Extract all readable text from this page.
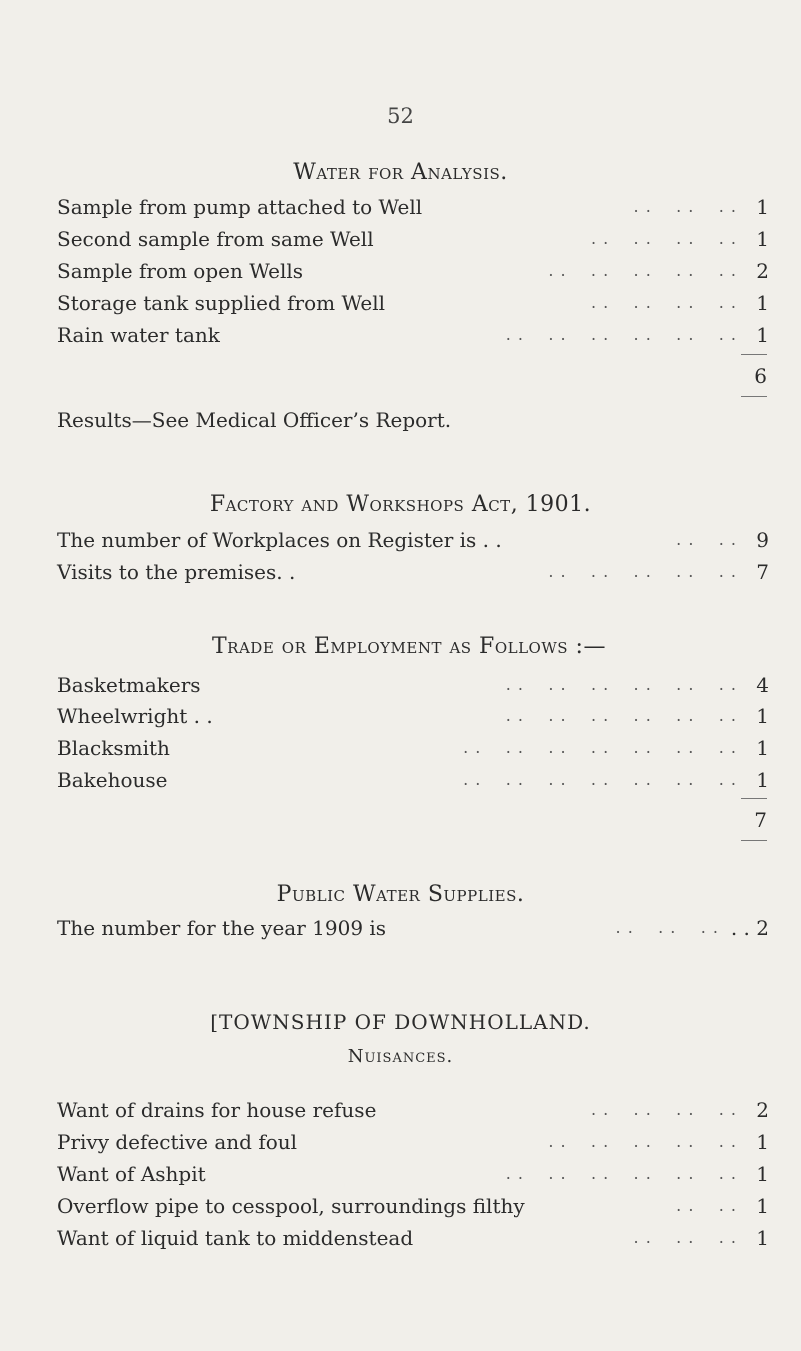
52
Water for Analysis.
Sample from pump attached to Well	. .    . .    . . 1
Second sample from same Well	. .    . .    . .    . . 1
Sample from open Wells	. .    . .    . .    . .    . . 2
Storage tank supplied from Well	. .    . .    . .    . . 1
Rain water tank	. .    . .    . .    . .    . .    . . 1
6
Results—See Medical Officer’s Report.
Factory and Workshops Act, 1901.
The number of Workplaces on Register is . .	. .    . . 9
Visits to the premises. .	. .    . .    . .    . .    . . 7
Trade or Employment as Follows :—
Basketmakers	. .    . .    . .    . .    . .    . . 4
Wheelwright . .	. .    . .    . .    . .    . .    . . 1
Blacksmith	. .    . .    . .    . .    . .    . .    . . 1
Bakehouse	. .    . .    . .    . .    . .    . .    . . 1
7
Public Water Supplies.
The number for the year 1909 is	. .    . .    . . . . 2
[TOWNSHIP OF DOWNHOLLAND.
Nuisances.
Want of drains for house refuse	. .    . .    . .    . . 2
Privy defective and foul	. .    . .    . .    . .    . . 1
Want of Ashpit	. .    . .    . .    . .    . .    . . 1
Overflow pipe to cesspool, surroundings filthy	. .    . . 1
Want of liquid tank to middenstead	. .    . .    . . 1
